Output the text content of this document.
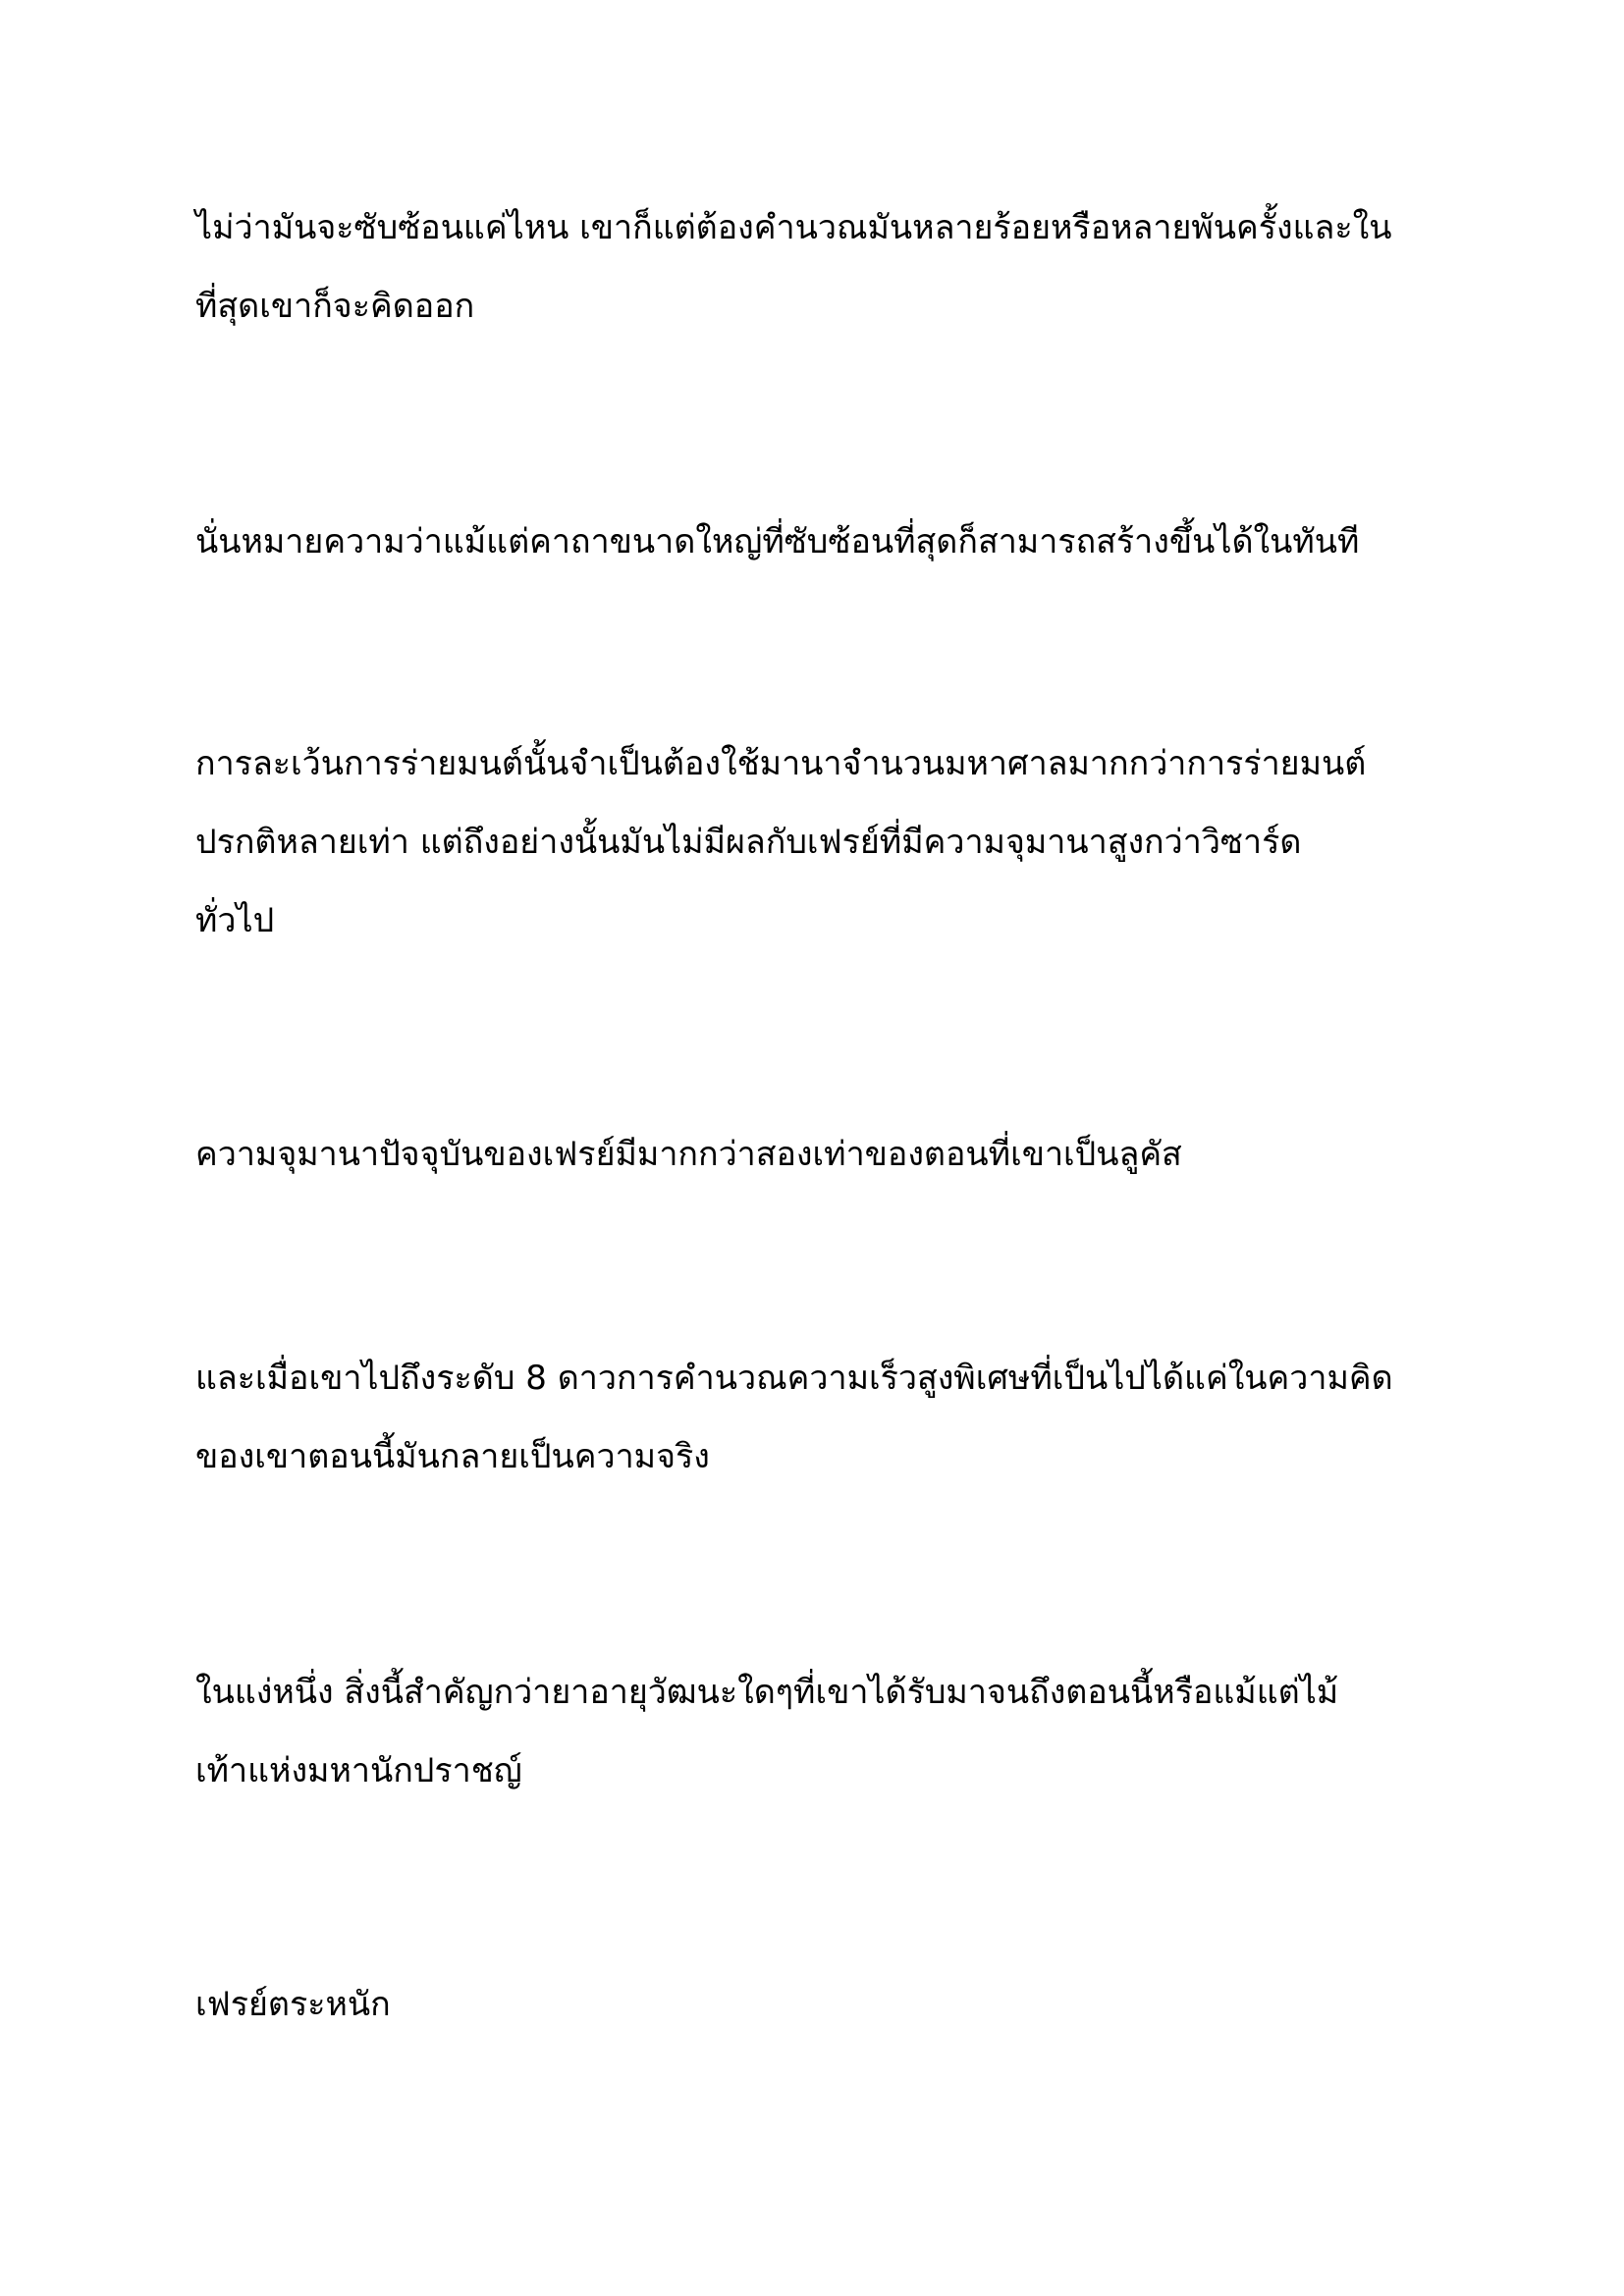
ไม่ว่ามันจะซับซ้อนแค่ไหน เขาก็แต่ต้องคำนวณมันหลายร้อยหรือหลายพันครั้งและใน
ที่สุดเขาก็จะคิดออก
นั่นหมายความว่าแม้แต่คาถาขนาดใหญ่ที่ซับซ้อนที่สุดก็สามารถสร้างขึ้นได้ในทันที
การละเว้นการร่ายมนต์นั้นจำเป็นต้องใช้มานาจำนวนมหาศาลมากกว่าการร่ายมนต์
ปรกติหลายเท่า แต่ถึงอย่างนั้นมันไม่มีผลกับเฟรย์ที่มีความจุมานาสูงกว่าวิซาร์ด
ทั่วไป
ความจุมานาปัจจุบันของเฟรย์มีมากกว่าสองเท่าของตอนที่เขาเป็นลูคัส
และเมื่อเขาไปถึงระดับ 8 ดาวการคำนวณความเร็วสูงพิเศษที่เป็นไปได้แค่ในความคิด
ของเขาตอนนี้มันกลายเป็นความจริง
ในแง่หนึ่ง สิ่งนี้สำคัญกว่ายาอายุวัฒนะใดๆที่เขาได้รับมาจนถึงตอนนี้หรือแม้แต่ไม้
เท้าแห่งมหานักปราชญ์
เฟรย์ตระหนัก
